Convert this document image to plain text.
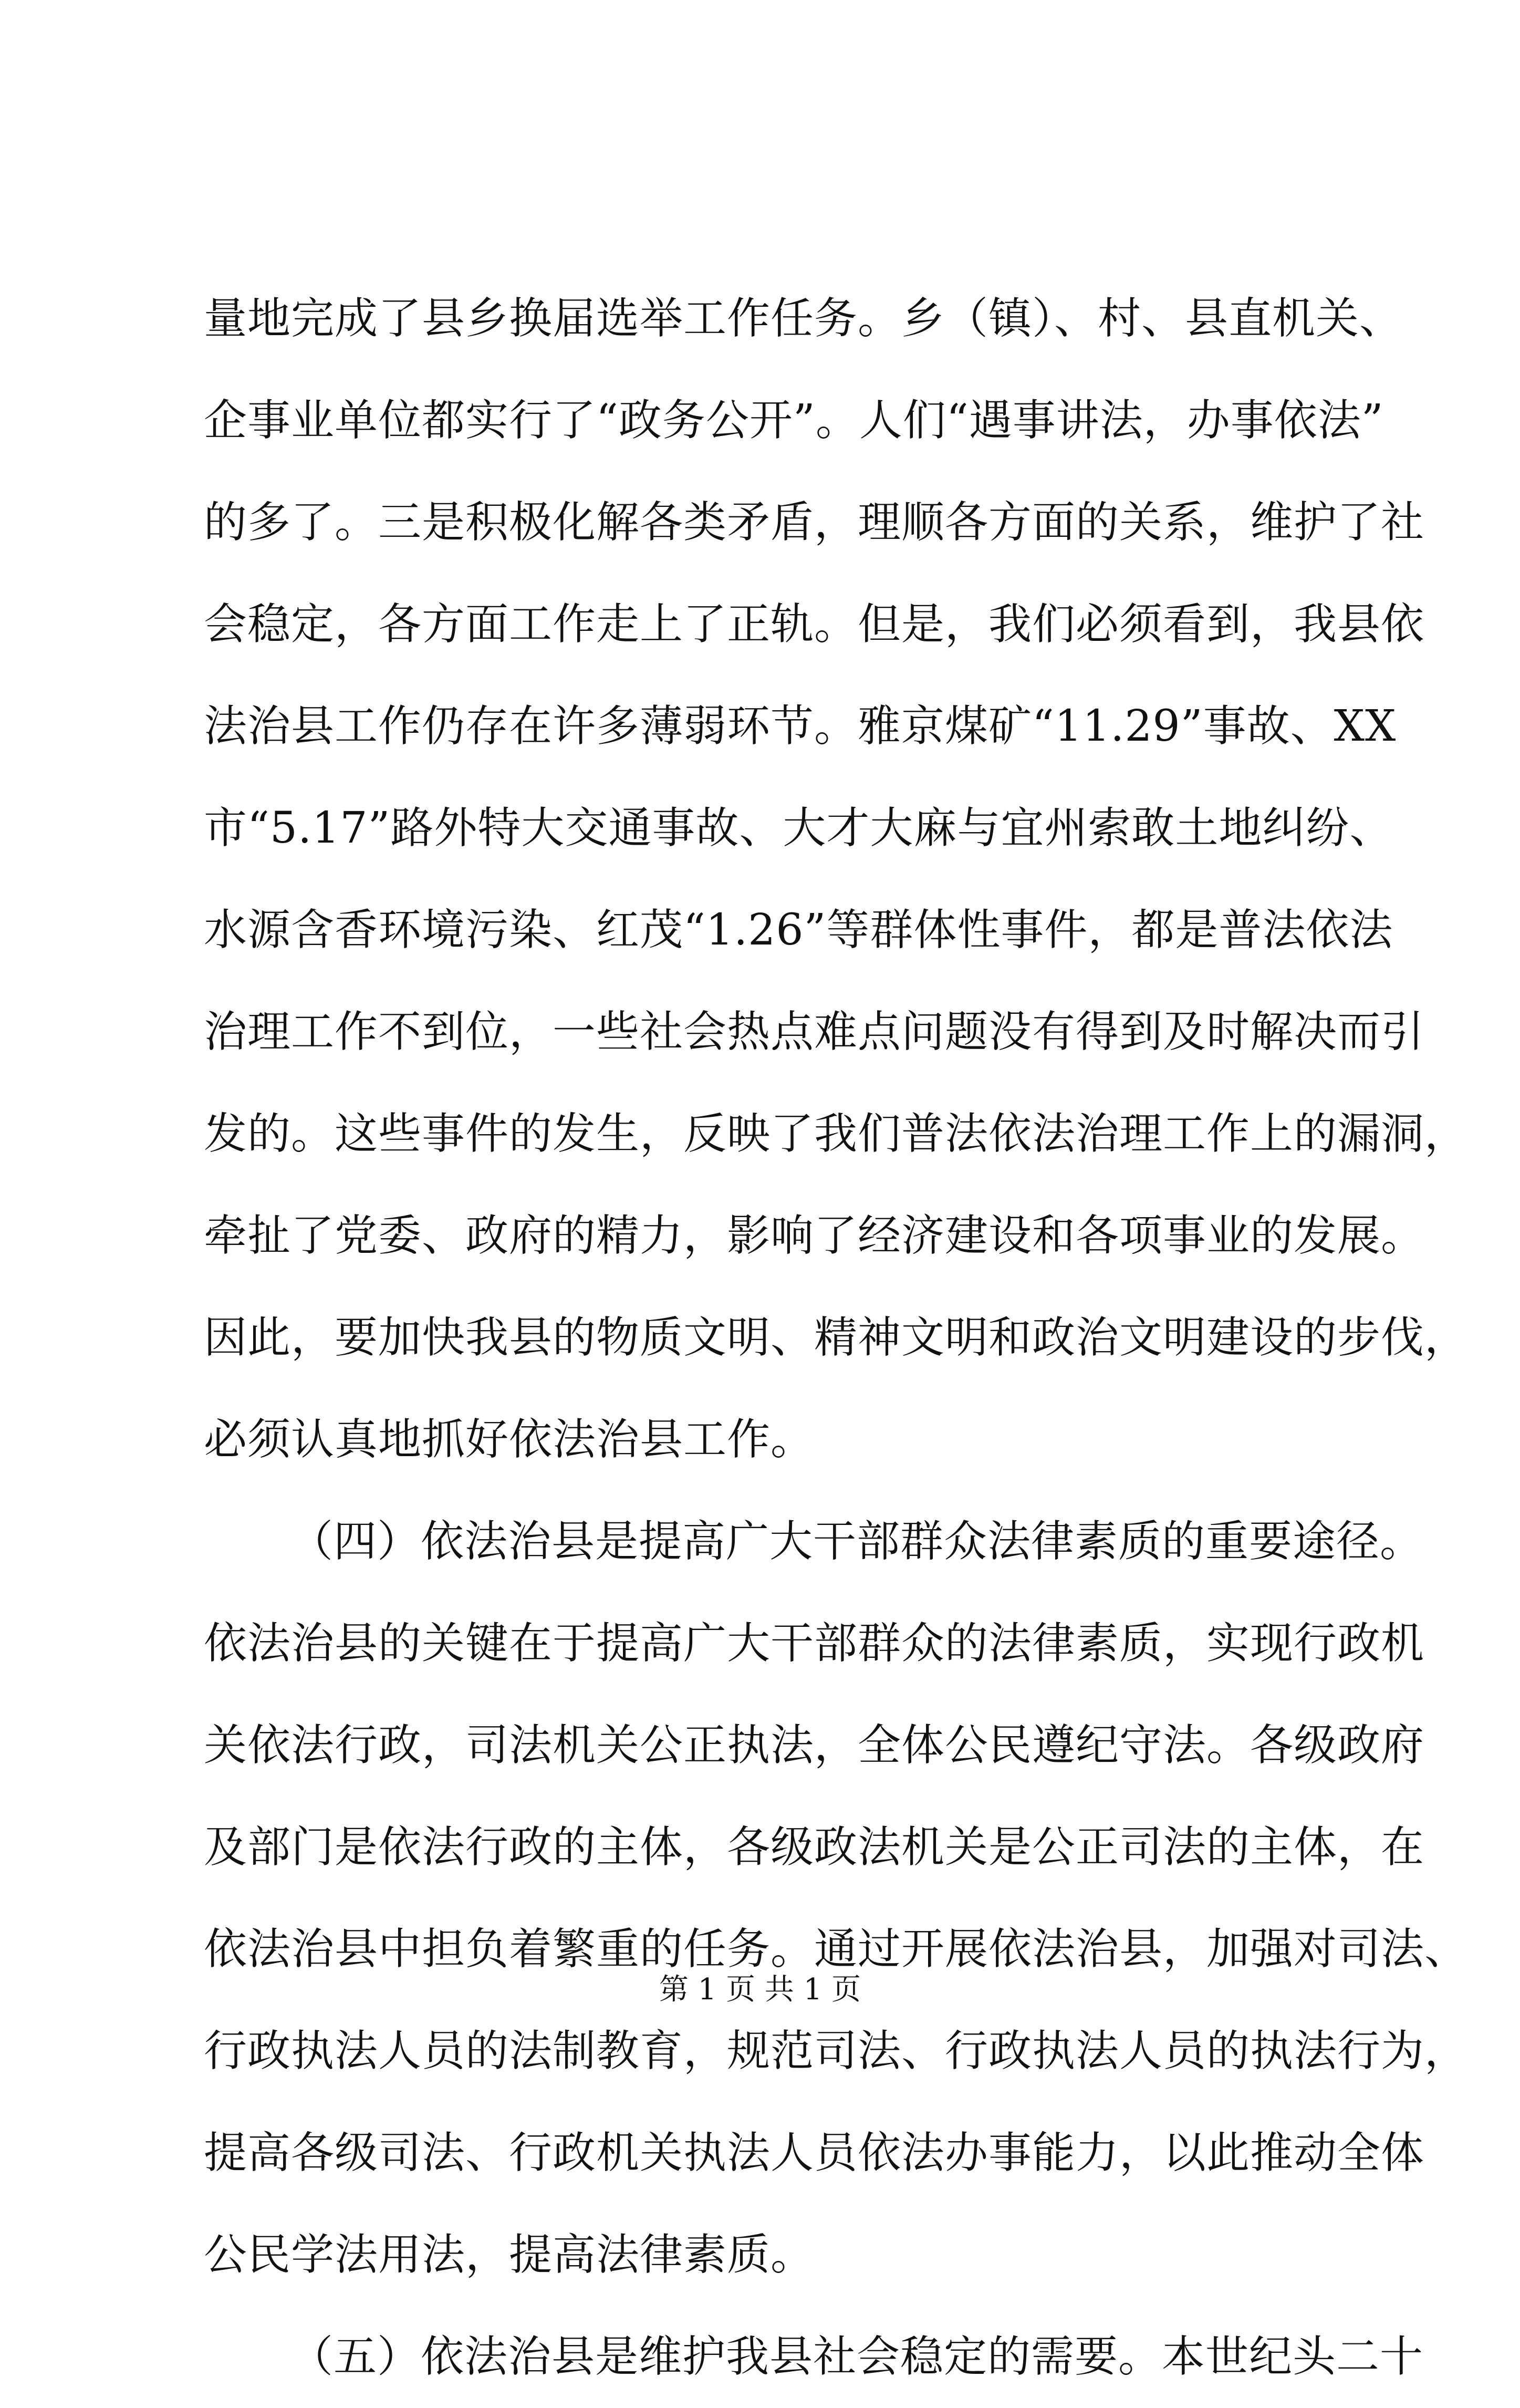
量地完成了县乡换届选举工作任务。乡（镇）、村、县直机关、
企事业单位都实行了“政务公开”。人们“遇事讲法，办事依法”
的多了。三是积极化解各类矛盾，理顺各方面的关系，维护了社
会稳定，各方面工作走上了正轨。但是，我们必须看到，我县依
法治县工作仍存在许多薄弱环节。雅京煤矿“11.29”事故、XX
市“5.17”路外特大交通事故、大才大麻与宜州索敢土地纠纷、
水源含香环境污染、红茂“1.26”等群体性事件，都是普法依法
治理工作不到位，一些社会热点难点问题没有得到及时解决而引
发的。这些事件的发生，反映了我们普法依法治理工作上的漏洞，
牵扯了党委、政府的精力，影响了经济建设和各项事业的发展。
因此，要加快我县的物质文明、精神文明和政治文明建设的步伐，
必须认真地抓好依法治县工作。
（四）依法治县是提高广大干部群众法律素质的重要途径。
依法治县的关键在于提高广大干部群众的法律素质，实现行政机
关依法行政，司法机关公正执法，全体公民遵纪守法。各级政府
及部门是依法行政的主体，各级政法机关是公正司法的主体，在
依法治县中担负着繁重的任务。通过开展依法治县，加强对司法、
行政执法人员的法制教育，规范司法、行政执法人员的执法行为，
提高各级司法、行政机关执法人员依法办事能力，以此推动全体
公民学法用法，提高法律素质。
（五）依法治县是维护我县社会稳定的需要。本世纪头二十
第 1 页 共 1 页
